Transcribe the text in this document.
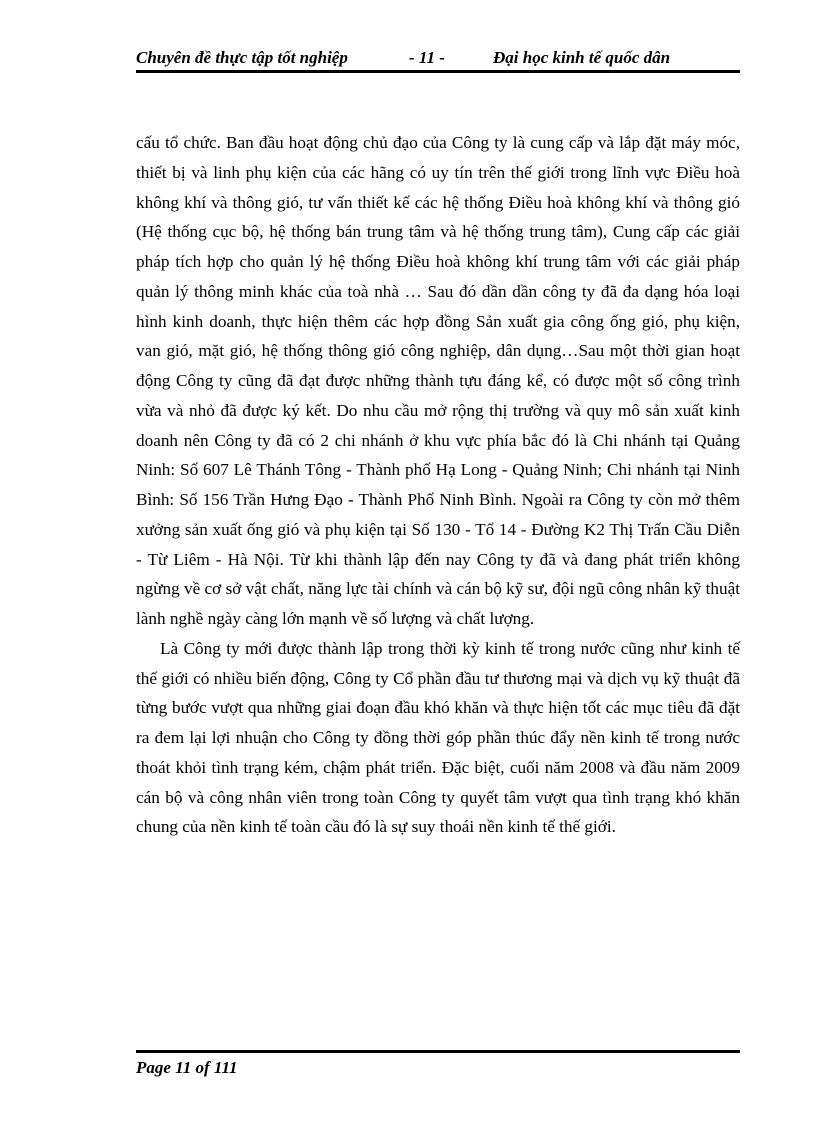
Chuyên đề thực tập tốt nghiệp	- 11 -	Đại học kinh tế quốc dân

cấu tổ chức. Ban đầu hoạt động chủ đạo của Công ty là cung cấp và lắp đặt máy móc, thiết bị và linh phụ kiện của các hãng có uy tín trên thế giới trong lĩnh vực Điều hoà không khí và thông gió, tư vấn thiết kế các hệ thống Điều hoà không khí và thông gió (Hệ thống cục bộ, hệ thống bán trung tâm và hệ thống trung tâm), Cung cấp các giải pháp tích hợp cho quản lý hệ thống Điều hoà không khí trung tâm với các giải pháp quản lý thông minh khác của toà nhà … Sau đó dần dần công ty đã đa dạng hóa loại hình kinh doanh, thực hiện thêm các hợp đồng Sản xuất gia công ống gió, phụ kiện, van gió, mặt gió, hệ thống thông gió công nghiệp, dân dụng…Sau một thời gian hoạt động Công ty cũng đã đạt được những thành tựu đáng kể, có được một số công trình vừa và nhỏ đã được ký kết. Do nhu cầu mở rộng thị trường và quy mô sản xuất kinh doanh nên Công ty đã có 2 chi nhánh ở khu vực phía bắc đó là Chi nhánh tại Quảng Ninh: Số 607 Lê Thánh Tông - Thành phố Hạ Long - Quảng Ninh; Chi nhánh tại Ninh Bình: Số 156 Trần Hưng Đạo - Thành Phố Ninh Bình. Ngoài ra Công ty còn mở thêm xưởng sản xuất ống gió và phụ kiện tại Số 130 - Tổ 14 - Đường K2 Thị Trấn Cầu Diễn - Từ Liêm - Hà Nội. Từ khi thành lập đến nay Công ty đã và đang phát triển không ngừng về cơ sở vật chất, năng lực tài chính và cán bộ kỹ sư, đội ngũ công nhân kỹ thuật lành nghề ngày càng lớn mạnh về số lượng và chất lượng.

Là Công ty mới được thành lập trong thời kỳ kinh tế trong nước cũng như kinh tế thế giới có nhiều biến động, Công ty Cổ phần đầu tư thương mại và dịch vụ kỹ thuật đã từng bước vượt qua những giai đoạn đầu khó khăn và thực hiện tốt các mục tiêu đã đặt ra đem lại lợi nhuận cho Công ty đồng thời góp phần thúc đẩy nền kinh tế trong nước thoát khỏi tình trạng kém, chậm phát triển. Đặc biệt, cuối năm 2008 và đầu năm 2009 cán bộ và công nhân viên trong toàn Công ty quyết tâm vượt qua tình trạng khó khăn chung của nền kinh tế toàn cầu đó là sự suy thoái nền kinh tế thế giới.

Page 11 of 111
